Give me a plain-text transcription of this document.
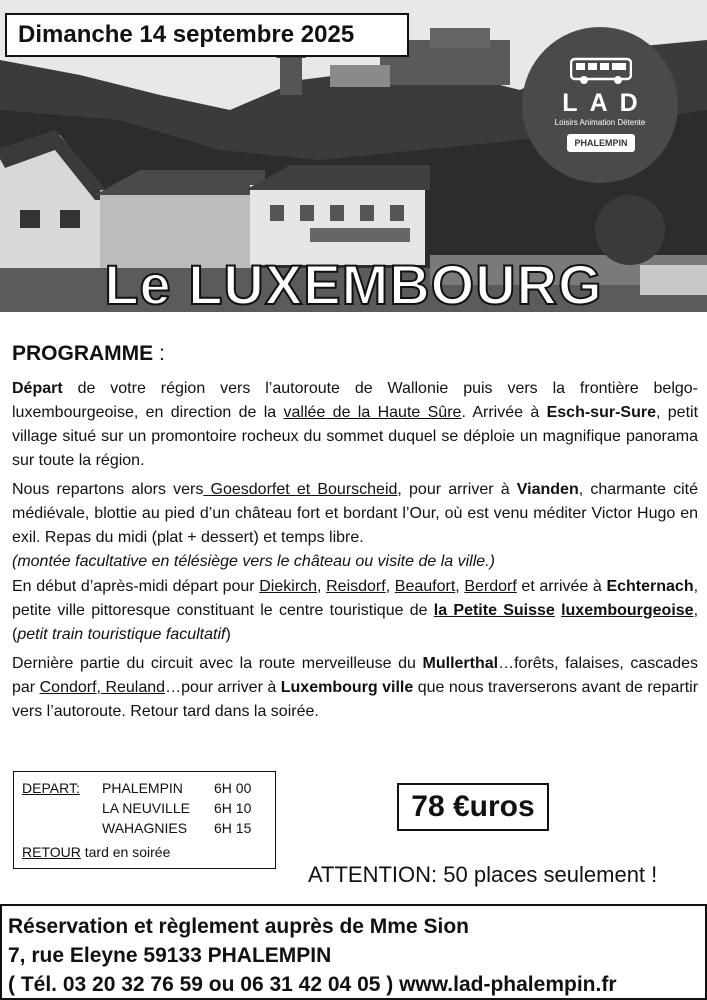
Dimanche 14 septembre 2025
LAD
Loisirs Animation Détente
PHALEMPIN
Le LUXEMBOURG
PROGRAMME :
Départ de votre région vers l’autoroute de Wallonie puis vers la frontière belgo-luxembourgeoise, en direction de la vallée de la Haute Sûre. Arrivée à Esch-sur-Sure, petit village situé sur un promontoire rocheux du sommet duquel se déploie un magnifique panorama sur toute la région.
Nous repartons alors vers Goesdorfet et Bourscheid, pour arriver à Vianden, charmante cité médiévale, blottie au pied d’un château fort et bordant l’Our, où est venu méditer Victor Hugo en exil. Repas du midi (plat + dessert) et temps libre.
(montée facultative en télésiège vers le château ou visite de la ville.)
En début d’après-midi départ pour Diekirch, Reisdorf, Beaufort, Berdorf et arrivée à Echternach, petite ville pittoresque constituant le centre touristique de la Petite Suisse luxembourgeoise, (petit train touristique facultatif)
Dernière partie du circuit avec la route merveilleuse du Mullerthal…forêts, falaises, cascades par Condorf, Reuland…pour arriver à Luxembourg ville que nous traverserons avant de repartir vers l’autoroute. Retour tard dans la soirée.
DEPART: PHALEMPIN 6H 00
LA NEUVILLE 6H 10
WAHAGNIES 6H 15
RETOUR tard en soirée
78 €uros
ATTENTION: 50 places seulement !
Réservation et règlement auprès de Mme Sion
7, rue Eleyne 59133 PHALEMPIN
( Tél. 03 20 32 76 59 ou 06 31 42 04 05 ) www.lad-phalempin.fr
